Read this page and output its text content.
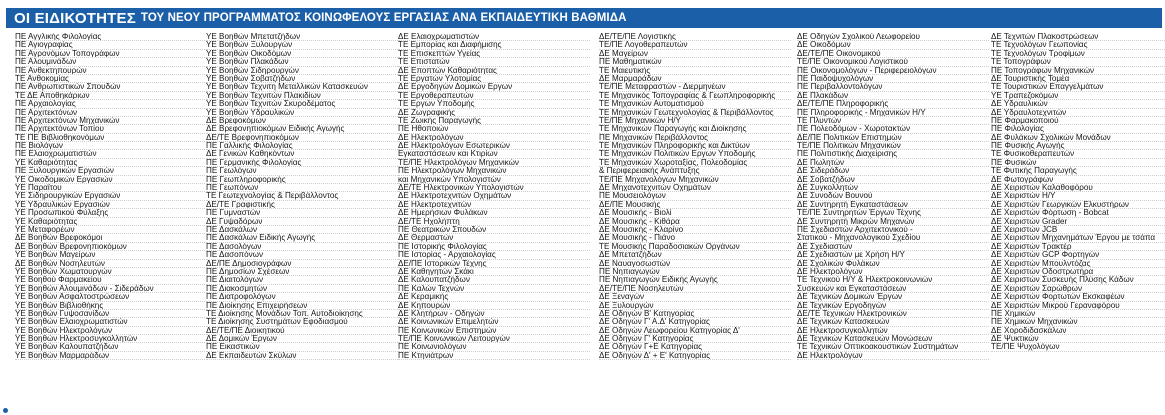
ΟΙ ΕΙΔΙΚΟΤΗΤΕΣ ΤΟΥ ΝΕΟΥ ΠΡΟΓΡΑΜΜΑΤΟΣ ΚΟΙΝΩΦΕΛΟΥΣ ΕΡΓΑΣΙΑΣ ΑΝΑ ΕΚΠΑΙΔΕΥΤΙΚΗ ΒΑΘΜΙΔΑ
ΠΕ Αγγλικής Φιλολογίας
ΠΕ Αγιογραφίας
ΠΕ Αγρονόμων Τοπογράφων
ΠΕ Αλουμινάδων
ΠΕ Ανθεκτηπουρών
ΤΕ Ανθοκομίας
ΠΕ Ανθρωπιστικών Σπουδών
ΤΕ ΔΕ Αποθηκάριων
ΠΕ Αρχαιολογίας
ΠΕ Αρχιτεκτόνων
ΠΕ Αρχιτεκτόνων Μηχανικών
ΠΕ Αρχιτεκτόνων Τοπίου
ΤΕ ΠΕ Βιβλιοθηκονόμων
ΠΕ Βιολόγων
ΠΕ Ελαιοχρωματιστών
ΥΕ Καθαριότητας
ΠΕ Ξυλουργικών Εργασιών
ΥΕ Οικοδομικών Εργασιών
ΥΕ Παραϊτου
ΥΕ Σιδηρουργικών Εργασιών
ΥΕ Υδραυλικών Εργασιών
ΥΕ Προσωπικού Φύλαξης
ΥΕ Καθαριότητας
ΥΕ Μεταφορέων
ΔΕ Βοηθών Βρεφοκόμοι
ΔΕ Βοηθών Βρεφονηπιοκόμων
ΥΕ Βοηθών Μαγείρων
ΔΕ Βοηθών Νοσηλευτών
ΥΕ Βοηθών Χωματουργών
ΥΕ Βοηθού Φαρμακείου
ΥΕ Βοηθών Αλουμινάδων - Σιδεράδων
ΥΕ Βοηθών Ασφαλτοστρώσεων
ΥΕ Βοηθών Βιβλιοθήκης
ΥΕ Βοηθών Γυψοσανίδων
ΥΕ Βοηθών Ελαιοχρωματιστών
ΥΕ Βοηθών Ηλεκτρολόγων
ΥΕ Βοηθών Ηλεκτροσυγκολλητών
ΥΕ Βοηθών Καλουπατζήδων
ΥΕ Βοηθών Μαρμαράδων
ΥΕ Βοηθών Μπετατζήδων
ΥΕ Βοηθών Ξυλουργών
ΥΕ Βοηθών Οικοδόμων
ΥΕ Βοηθών Πλακάδων
ΥΕ Βοηθών Σιδηρουργών
ΥΕ Βοηθών Σοβατζήδων
ΥΕ Βοηθών Τεχνιτη Μεταλλικών Κατασκευών
ΥΕ Βοηθών Τεχνιτών Πλακιδίων
ΥΕ Βοηθών Τεχνιτών Σκυροδέματος
ΥΕ Βοηθών Υδραυλικών
ΔΕ Βρεφοκόμων
ΔΕ Βρεφονηπιοκόμων Ειδικής Αγωγής
ΔΕ/ΤΕ Βρεφονηπιοκόμων
ΠΕ Γαλλικής Φιλολογίας
ΔΕ Γενικών Καθηκόντων
ΠΕ Γερμανικής Φιλολογίας
ΠΕ Γεωλόγων
ΠΕ Γεωπληροφορικής
ΠΕ Γεωπόνων
ΤΕ Γεωτεχνολογίας & Περιβάλλοντος
ΔΕ/ΤΕ Γραφιστικής
ΠΕ Γυμναστών
ΔΕ Γυψαδόρων
ΠΕ Δασκάλων
ΠΕ Δασκάλων Ειδικής Αγωγής
ΠΕ Δασολόγων
ΠΕ Δασοπόνων
ΔΕ/ΠΕ Δημοσιογράφων
ΠΕ Δημοσίων Σχέσεων
ΠΕ Διαιτολόγων
ΠΕ Διακοσμητών
ΠΕ Διατροφολόγων
ΠΕ Διοίκησης Επιχειρήσεων
ΤΕ Διοίκησης Μονάδων Τοπ. Αυτοδιοίκησης
ΤΕ Διοίκησης Συστημάτων Εφοδιασμού
ΔΕ/ΤΕ/ΠΕ Διοικητικού
ΔΕ Δομικών Έργων
ΠΕ Εικαστικών
ΔΕ Εκπαιδευτών Σκύλων
ΔΕ Ελαιοχρωματιστών
ΤΕ Εμπορίας και Διαφήμισης
ΤΕ Επισκεπτών Υγείας
ΤΕ Επιστατών
ΔΕ Εποπτών Καθαριότητας
ΤΕ Εργατών Υλοτομίας
ΔΕ Εργοδηγών Δομικών Εργων
ΤΕ Εργοθεραπευτών
ΤΕ Εργων Υποδομής
ΔΕ Ζωγραφικής
ΤΕ Ζωικής Παραγωγής
ΠΕ Ηθοποιών
ΔΕ Ηλεκτρολόγων
ΔΕ Ηλεκτρολόγων Εσωτερικών
Εγκαταστάσεων και Κτιρίων
ΤΕ/ΠΕ Ηλεκτρολόγων Μηχανικών
ΠΕ Ηλεκτρολόγων Μηχανικών
και Μηχανικών Υπολογιστών
ΔΕ/ΤΕ Ηλεκτρονικών Υπολογιστών
ΔΕ Ηλεκτροτεχνιτών Οχημάτων
ΔΕ Ηλεκτροτεχνιτών
ΔΕ Ημερήσιων Φυλάκων
ΔΕ/ΤΕ Ηχολήπτη
ΠΕ Θεατρικών Σπουδών
ΔΕ Θερμαστών
ΠΕ Ιστορικής Φιλολογίας
ΠΕ Ιστορίας - Αρχαιολογίας
ΔΕ/ΠΕ Ιστορικών Τέχνης
ΔΕ Καθηγητών Σκάκι
ΔΕ Καλουπατζήδων
ΠΕ Καλών Τεχνών
ΔΕ Κεραμικής
ΔΕ Κηπουρών
ΔΕ Κλητήρων - Οδηγών
ΔΕ Κοινωνικών Επιμελητών
ΠΕ Κοινωνικών Επιστημών
ΤΕ/ΠΕ Κοινωνικών Λειτουργών
ΠΕ Κοινωνιολόγων
ΠΕ Κτηνιάτρων
ΔΕ/ΤΕ/ΠΕ Λογιστικής
ΤΕ/ΠΕ Λογοθεραπευτών
ΔΕ Μαγείρων
ΠΕ Μαθηματικών
ΤΕ Μαιευτικής
ΔΕ Μαρμαράδων
ΤΕ/ΠΕ Μεταφραστών - Διερμηνέων
ΤΕ Μηχανικός Τοπογραφίας & Γεωπληροφορικής
ΤΕ Μηχανικών Αυτοματισμού
ΤΕ Μηχανικών Γεωτεχνολογίας & Περιβάλλοντος
ΤΕ/ΠΕ Μηχανικών Η/Υ
ΤΕ Μηχανικών Παραγωγής και Διοίκησης
ΠΕ Μηχανικών Περιβάλλοντος
ΤΕ Μηχανικών Πληροφορικής και Δικτύων
ΤΕ Μηχανικών Πολιτικών Εργων Υποδομής
ΤΕ Μηχανικών Χωροταξίας, Πολεοδομίας
& Περιφερειακής Ανάπτυξης
ΤΕ/ΠΕ Μηχανολόγων Μηχανικών
ΔΕ Μηχανοτεχνιτών Οχημάτων
ΠΕ Μουσειολόγων
ΔΕ/ΠΕ Μουσικής
ΔΕ Μουσικής - Βιολί
ΔΕ Μουσικής - Κιθάρα
ΔΕ Μουσικής - Κλαρίνο
ΔΕ Μουσικής - Πιάνο
ΤΕ Μουσικής Παραδοσιακών Οργάνων
ΔΕ Μπετατζήδων
ΔΕ Ναυαγοσωστών
ΠΕ Νηπιαγωγών
ΠΕ Νηπιαγωγών Ειδικής Αγωγής
ΔΕ/ΤΕ/ΠΕ Νοσηλευτών
ΔΕ Ξεναγών
ΔΕ Ξυλουργών
ΔΕ Οδηγών Β' Κατηγορίας
ΔΕ Οδηγών Γ' Α.Δ' Κατηγορίας
ΔΕ Οδηγών Λεωφορείου Κατηγορίας Δ'
ΔΕ Οδηγών Γ' Κατηγορίας
ΔΕ Οδηγών Γ+Ε Κατηγορίας
ΔΕ Οδηγών Δ' + Ε' Κατηγορίας
ΔΕ Οδηγών Σχολικού Λεωφορείου
ΔΕ Οικοδόμων
ΔΕ/ΤΕ/ΠΕ Οικονομικού
ΤΕ/ΠΕ Οικονομικού Λογιστικού
ΠΕ Οικονομολόγων - Περιφερειολόγων
ΠΕ Παιδοψυχολόγων
ΠΕ Περιβαλλοντολόγων
ΔΕ Πλακάδων
ΔΕ/ΤΕ/ΠΕ Πληροφορικής
ΠΕ Πληροφορικής - Μηχανικών Η/Υ
ΤΕ Πλυντών
ΠΕ Πολεοδόμων - Χωροτακτών
ΔΕ/ΠΕ Πολιτικών Επιστημών
ΤΕ/ΠΕ Πολιτικών Μηχανικών
ΠΕ Πολιτιστικής Διαχείρισης
ΔΕ Πωλητών
ΔΕ Σιδεράδων
ΔΕ Σοβατζήδων
ΔΕ Συγκολλητών
ΔΕ Συνοδών Βουνού
ΔΕ Συντηρητή Εγκαταστάσεων
ΤΕ/ΠΕ Συντηρητών Έργων Τέχνης
ΔΕ Συντηρητή Μικρών Μηχανών
ΠΕ Σχεδιαστών Αρχιτεκτονικού -
Στατικού - Μηχανολογικού Σχεδίου
ΔΕ Σχεδιαστών
ΔΕ Σχεδιαστών με Χρήση Η/Υ
ΔΕ Σχολικών Φυλάκων
ΔΕ Ηλεκτρολόγων
ΤΕ Τεχνικού Η/Υ & Ηλεκτροκοινωνιών
Συσκευών και Εγκαταστάσεων
ΔΕ Τεχνικών Δομικών Έργων
ΔΕ Τεχνικών Εργοδηγών
ΔΕ/ΤΕ Τεχνικών Ηλεκτρονικών
ΔΕ Τεχνικών Κατασκευών
ΔΕ Ηλεκτροσυγκολλητών
ΔΕ Τεχνικών Κατασκευών Μονώσεων
ΤΕ Τεχνικών Οπτικοακουστικών Συστημάτων
ΔΕ Ηλεκτρολόγων
ΔΕ Τεχνιτών Πλακοστρώσεων
ΤΕ Τεχνολόγων Γεωπονίας
ΤΕ Τεχνολόγων Τροφίμων
ΤΕ Τοπογράφων
ΠΕ Τοπογράφων Μηχανικών
ΔΕ Τουριστικής Τομέα
ΤΕ Τουριστικών Επαγγελμάτων
ΥΕ Τραπεζοκόμων
ΔΕ Υδραυλικών
ΔΕ Υδραυλοτεχνιτών
ΠΕ Φαρμακοποιού
ΠΕ Φιλολογίας
ΔΕ Φυλάκων Σχολικών Μονάδων
ΠΕ Φυσικής Αγωγής
ΤΕ Φυσικοθεραπευτών
ΠΕ Φυσικών
ΤΕ Φυτικής Παραγωγής
ΔΕ Φωτογράφων
ΔΕ Χειριστών Καλαθοφόρου
ΔΕ Χειριστών Η/Υ
ΔΕ Χειριστών Γεωργικών Ελκυστήρων
ΔΕ Χειριστών Φόρτωση - Bobcat
ΔΕ Χειριστών Grader
ΔΕ Χειριστών JCB
ΔΕ Χειριστών Μηχανημάτων Έργου με τσάπα
ΔΕ Χειριστών Τρακτέρ
ΔΕ Χειριστών GCP Φορτηγών
ΔΕ Χειριστών Μπουλντόζας
ΔΕ Χειριστών Οδοστρωτήρα
ΔΕ Χειριστών Συσκευής Πλύσης Κάδων
ΔΕ Χειριστών Σαρώθρων
ΔΕ Χειριστών Φορτωτών Εκσκαφέων
ΔΕ Χειριστών Μικρού Γεραναφόρου
ΠΕ Χημικών
ΠΕ Χημικών Μηχανικών
ΔΕ Χοροδιδασκάλων
ΔΕ Ψυκτικών
ΤΕ/ΠΕ Ψυχολόγων
